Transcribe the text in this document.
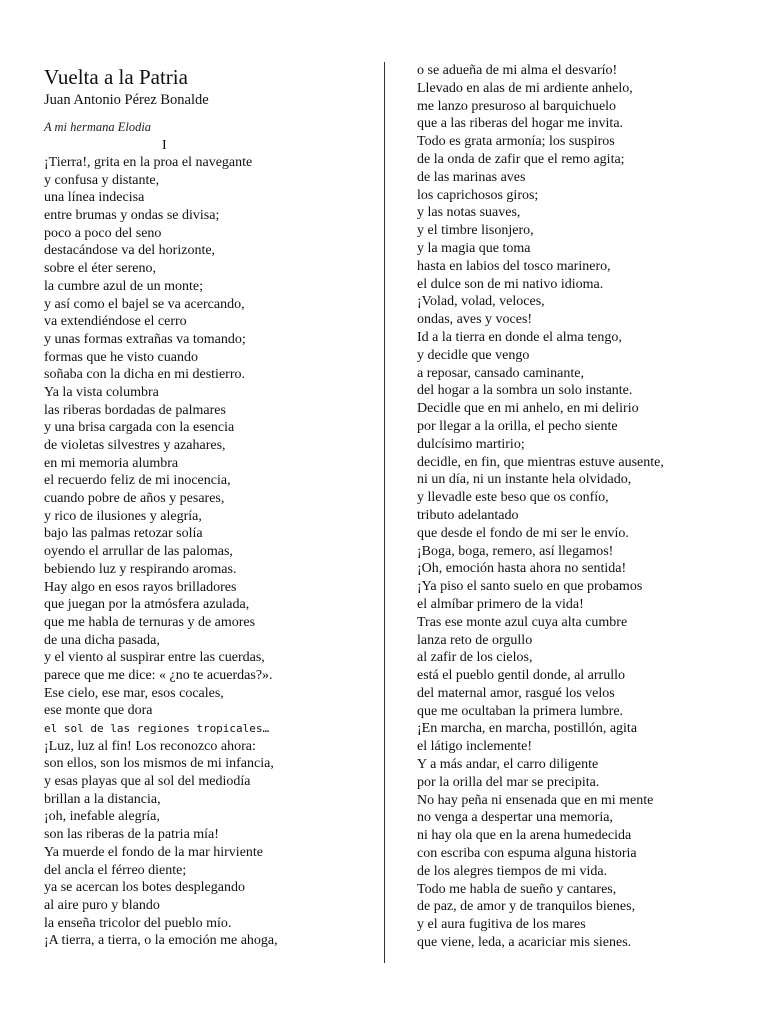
Vuelta a la Patria
Juan Antonio Pérez Bonalde
A mi hermana Elodia
I
¡Tierra!, grita en la proa el navegante
y confusa y distante,
una línea indecisa
entre brumas y ondas se divisa;
poco a poco del seno
destacándose va del horizonte,
sobre el éter sereno,
la cumbre azul de un monte;
y así como el bajel se va acercando,
va extendiéndose el cerro
y unas formas extrañas va tomando;
formas que he visto cuando
soñaba con la dicha en mi destierro.
Ya la vista columbra
las riberas bordadas de palmares
y una brisa cargada con la esencia
de violetas silvestres y azahares,
en mi memoria alumbra
el recuerdo feliz de mi inocencia,
cuando pobre de años y pesares,
y rico de ilusiones y alegría,
bajo las palmas retozar solía
oyendo el arrullar de las palomas,
bebiendo luz y respirando aromas.
Hay algo en esos rayos brilladores
que juegan por la atmósfera azulada,
que me habla de ternuras y de amores
de una dicha pasada,
y el viento al suspirar entre las cuerdas,
parece que me dice: « ¿no te acuerdas?».
Ese cielo, ese mar, esos cocales,
ese monte que dora
el sol de las regiones tropicales…
¡Luz, luz al fin! Los reconozco ahora:
son ellos, son los mismos de mi infancia,
y esas playas que al sol del mediodía
brillan a la distancia,
¡oh, inefable alegría,
son las riberas de la patria mía!
Ya muerde el fondo de la mar hirviente
del ancla el férreo diente;
ya se acercan los botes desplegando
al aire puro y blando
la enseña tricolor del pueblo mío.
¡A tierra, a tierra, o la emoción me ahoga,
o se adueña de mi alma el desvarío!
Llevado en alas de mi ardiente anhelo,
me lanzo presuroso al barquichuelo
que a las riberas del hogar me invita.
Todo es grata armonía; los suspiros
de la onda de zafir que el remo agita;
de las marinas aves
los caprichosos giros;
y las notas suaves,
y el timbre lisonjero,
y la magia que toma
hasta en labios del tosco marinero,
el dulce son de mi nativo idioma.
¡Volad, volad, veloces,
ondas, aves y voces!
Id a la tierra en donde el alma tengo,
y decidle que vengo
a reposar, cansado caminante,
del hogar a la sombra un solo instante.
Decidle que en mi anhelo, en mi delirio
por llegar a la orilla, el pecho siente
dulcísimo martirio;
decidle, en fin, que mientras estuve ausente,
ni un día, ni un instante hela olvidado,
y llevadle este beso que os confío,
tributo adelantado
que desde el fondo de mi ser le envío.
¡Boga, boga, remero, así llegamos!
¡Oh, emoción hasta ahora no sentida!
¡Ya piso el santo suelo en que probamos
el almíbar primero de la vida!
Tras ese monte azul cuya alta cumbre
lanza reto de orgullo
al zafir de los cielos,
está el pueblo gentil donde, al arrullo
del maternal amor, rasgué los velos
que me ocultaban la primera lumbre.
¡En marcha, en marcha, postillón, agita
el látigo inclemente!
Y a más andar, el carro diligente
por la orilla del mar se precipita.
No hay peña ni ensenada que en mi mente
no venga a despertar una memoria,
ni hay ola que en la arena humedecida
con escriba con espuma alguna historia
de los alegres tiempos de mi vida.
Todo me habla de sueño y cantares,
de paz, de amor y de tranquilos bienes,
y el aura fugitiva de los mares
que viene, leda, a acariciar mis sienes.
